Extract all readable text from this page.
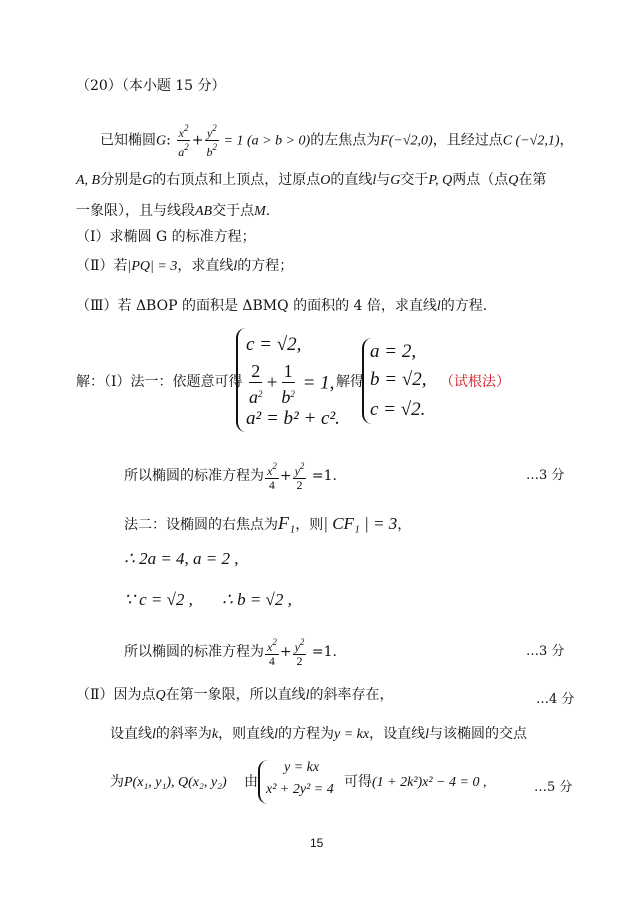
（20）（本小题 15 分）
已知椭圆G: $\frac{x^2}{a^2} + \frac{y^2}{b^2} = 1$ (a > b > 0)的左焦点为F(−√2,0)，且经过点C (−√2,1)，
A, B分别是G的右顶点和上顶点，过原点O的直线l与G交于P, Q两点（点Q在第
一象限），且与线段AB交于点M.
（Ⅰ）求椭圆 G 的标准方程；
（Ⅱ）若|PQ| = 3，求直线l的方程；
（Ⅲ）若 ΔBOP 的面积是 ΔBMQ 的面积的 4 倍，求直线l的方程.
解：（Ⅰ）法一：依题意可得
c = √2,
$\frac{2}{a^2} + \frac{1}{b^2} = 1$,
a² = b² + c².
解得
a = 2,
b = √2,
c = √2.
（试根法）
所以椭圆的标准方程为 $\frac{x^2}{4} + \frac{y^2}{2} =1$.	…3 分
法二：设椭圆的右焦点为F₁，则| CF₁ | = 3，
∴ 2a = 4, a = 2 ,
∵ c = √2 , ∴ b = √2 ,
所以椭圆的标准方程为 $\frac{x^2}{4} + \frac{y^2}{2} =1$.	…3 分
（Ⅱ）因为点Q在第一象限，所以直线l的斜率存在，	…4 分
设直线l的斜率为k，则直线l的方程为y = kx，设直线l与该椭圆的交点
为P(x₁, y₁), Q(x₂, y₂) 由
y = kx
x² + 2y² = 4 可得(1 + 2k²)x² − 4 = 0 ,	…5 分
15
